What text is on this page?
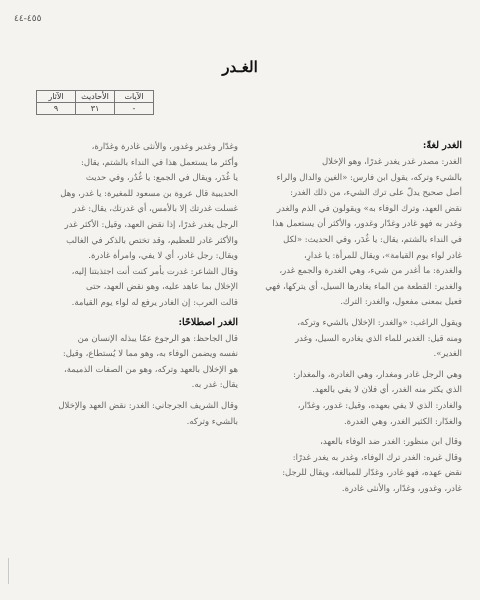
٤٥٥-٤٤
الغـدر
الآيات	الأحاديث	الآثار
-	٣١	٩
الغدر لغةً:
الغدر: مصدر غدر يغدر غدرًا، وهو الإخلال
بالشيء وتركه، يقول ابن فارس: «الغين والدال والراء
أصل صحيح يدلّ على ترك الشيء، من ذلك الغدر:
نقض العهد، وترك الوفاء به» ويقولون في الذم والغدر
وغدر به فهو غادر وغدّار وغدور، والأكثر أن يستعمل هذا
في النداء بالشتم، يقال: يا غُدَر، وفي الحديث: «لكل
غادر لواء يوم القيامة»، ويقال للمرأة: يا غدارِ،
والغدرة: ما أغدر من شيء، وهي الغدرة والجمع غدر،
والغدير: القطعة من الماء يغادرها السيل، أي يتركها، فهي
فعيل بمعنى مفعول، والغدر: الترك.
ويقول الراغب: «والغدر: الإخلال بالشيء وتركه،
ومنه قيل: الغدير للماء الذي يغادره السيل، وغدر
الغدير».
وهي الرجل غادر ومغدار، وهي الغادرة، والمغدار:
الذي يكثر منه الغدر، أي فلان لا يفي بالعهد.
والغادر: الذي لا يفي بعهده، وقيل: غدور، وغدّار،
والغدّار: الكثير الغدر، وهي الغدرة.
وقال ابن منظور: الغدر ضد الوفاء بالعهد،
وقال غيره: الغدر ترك الوفاء، وغدر به يغدر غدرًا:
نقض عهده، فهو غادر، وغدّار للمبالغة، ويقال للرجل:
غادر، وغدور، وغدّار، والأنثى غادرة.
وغدّار وغدير وغدور، والأنثى غادرة وغدّارة،
وأكثر ما يستعمل هذا في النداء بالشتم، يقال:
يا غُدَر، ويقال في الجمع: يا غُدُر، وفي حديث
الحديبية قال عروة بن مسعود للمغيرة: يا غدر، وهل
غسلت غدرتك إلا بالأمس، أي غدرتك، يقال: غدر
الرجل يغدر غدرًا، إذا نقض العهد، وقيل: الأكثر غدر
والأكثر غادر للعظيم، وقد تختص بالذكر في الغالب
ويقال: رجل غادر، أي لا يفي، وامرأة غادرة.
وقال الشاعر: غدرت بأمر كنت أنت اجتذبتنا إليه،
الإخلال بما عاهد عليه، وهو نقض العهد، حتى
قالت العرب: إن الغادر يرفع له لواء يوم القيامة.
الغدر اصطلاحًا:
قال الجاحظ: هو الرجوع عمّا يبذله الإنسان من
نفسه ويضمن الوفاء به، وهو مما لا يُستطاع، وقيل:
هو الإخلال بالعهد وتركه، وهو من الصفات الذميمة،
يقال: غدر به.
وقال الشريف الجرجاني: الغدر: نقض العهد والإخلال
بالشيء وتركه.
